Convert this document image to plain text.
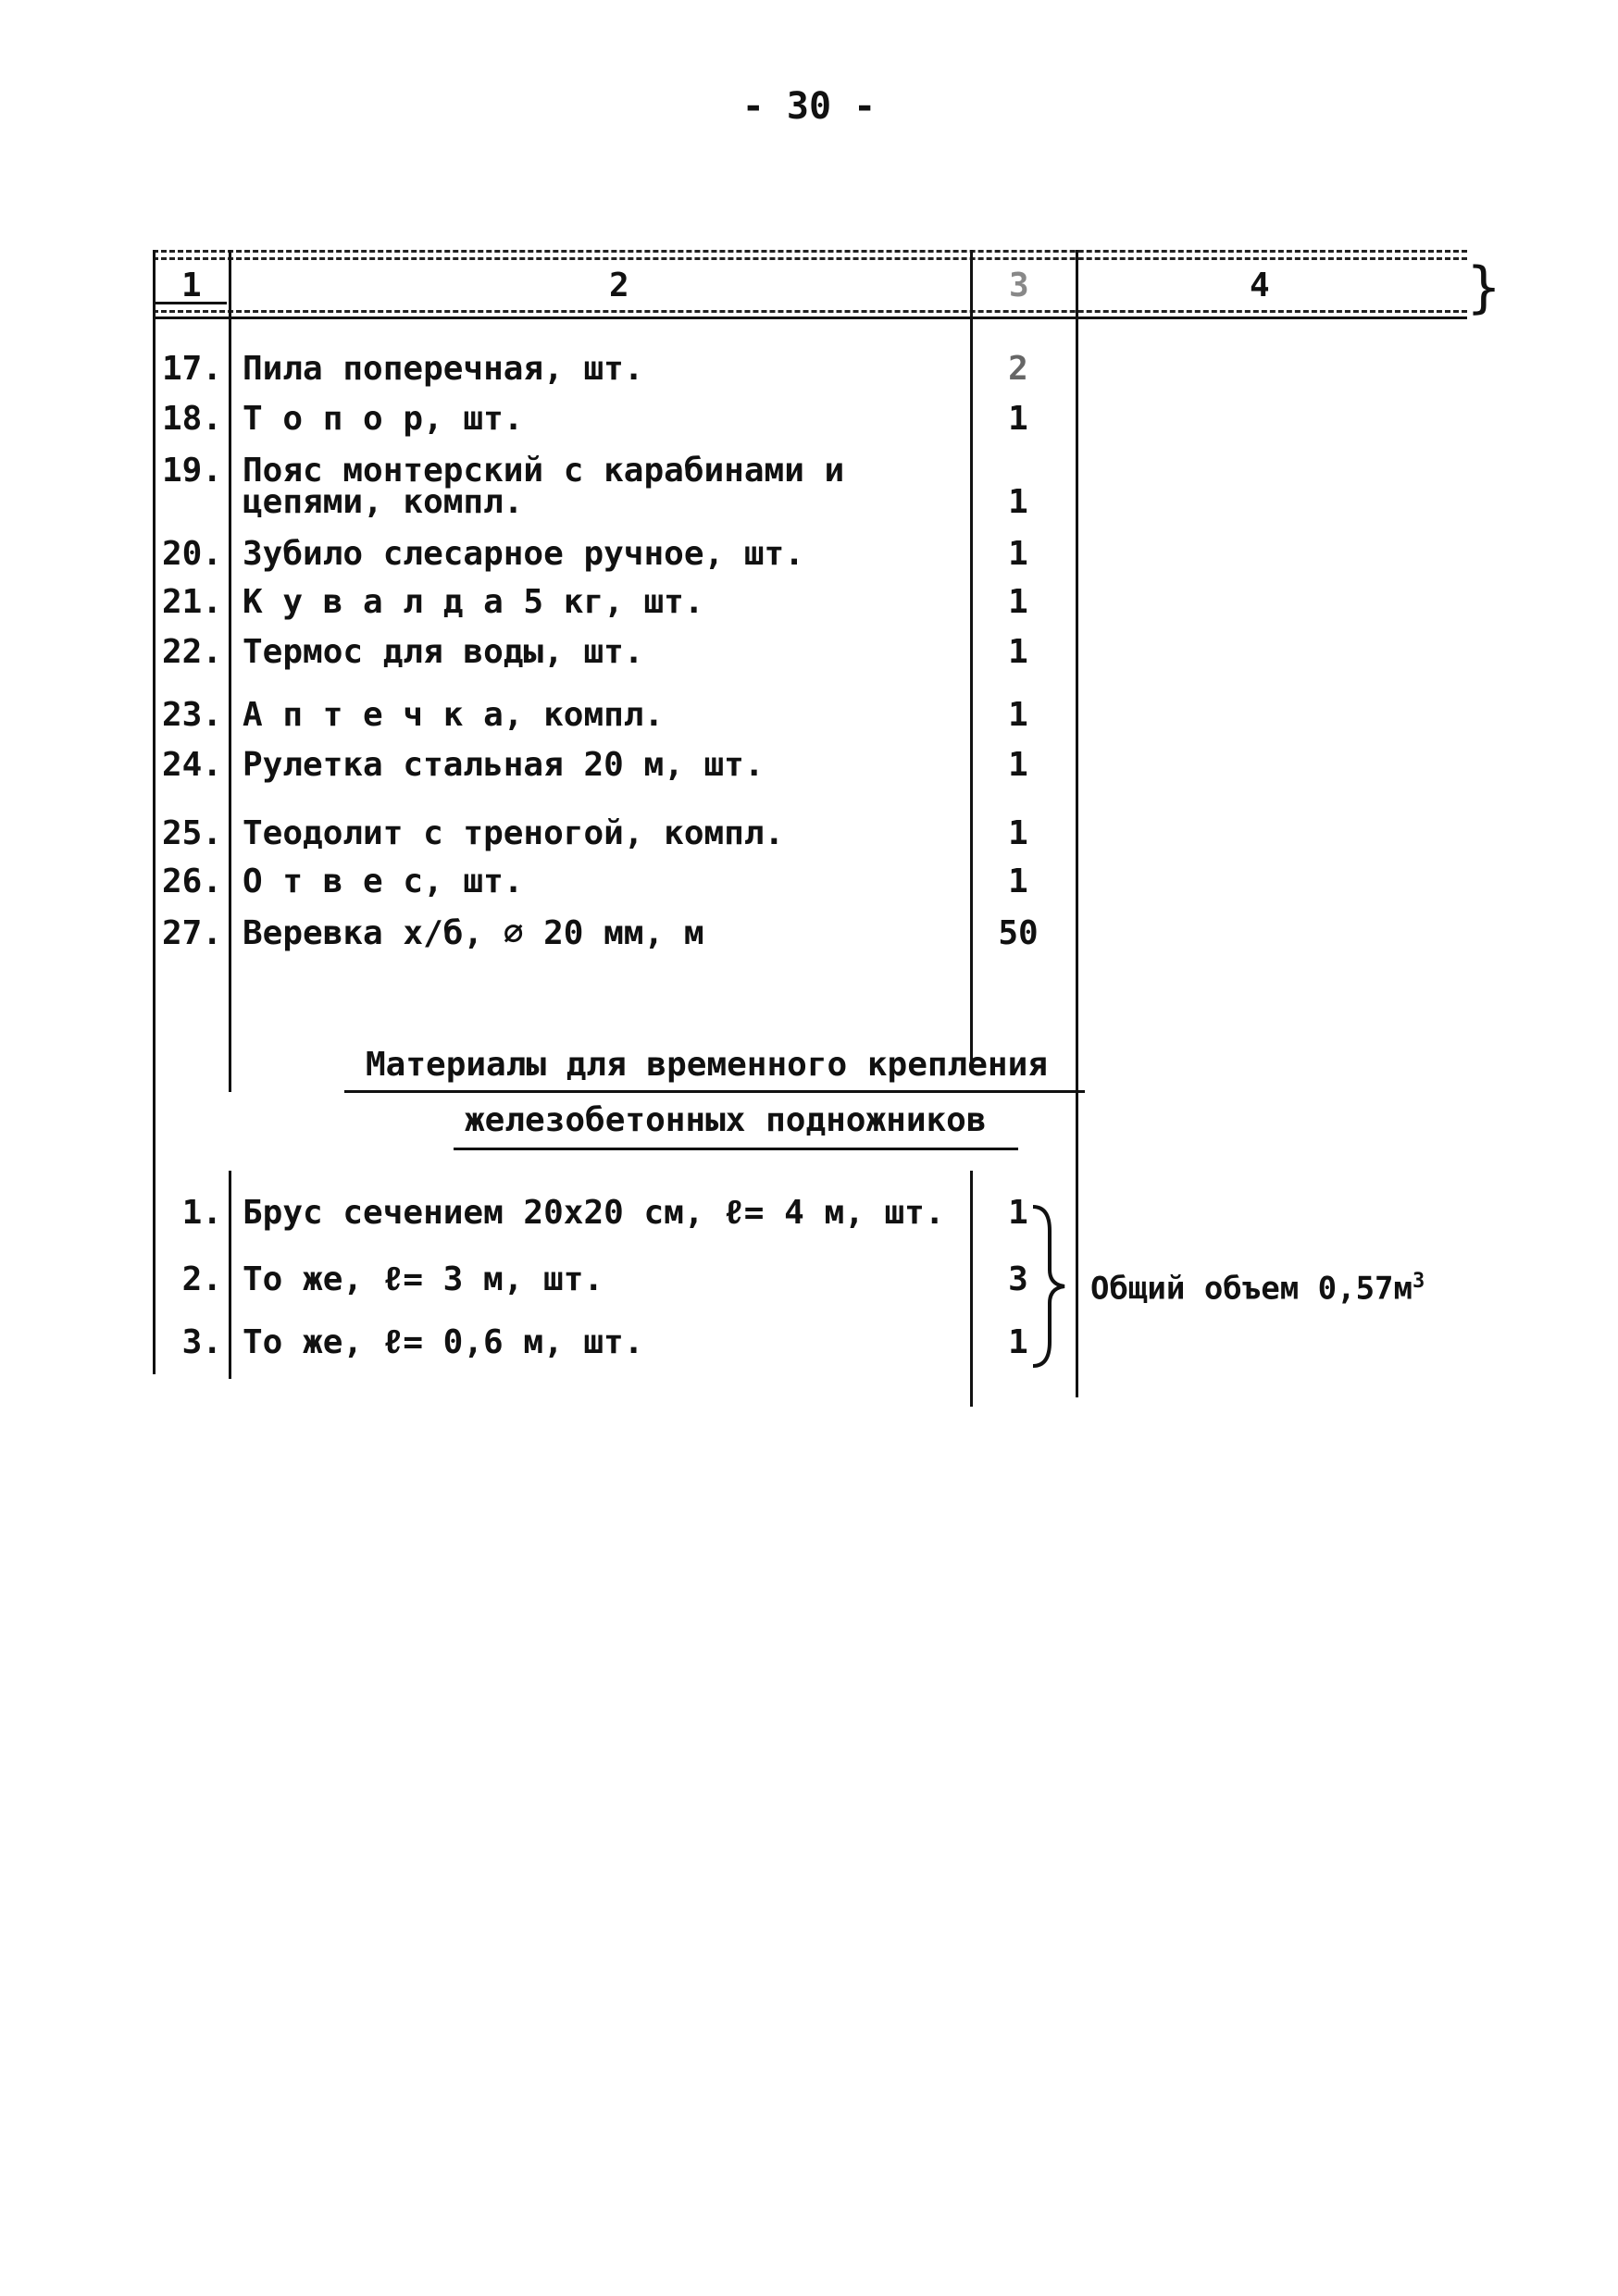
- 30 -
1	2	3	4	}
17. Пила поперечная, шт.	2
18. Т о п о р, шт.	1
19. Пояс монтерский с карабинами и
цепями, компл.	1
20. Зубило слесарное ручное, шт.	1
21. К у в а л д а 5 кг, шт.	1
22. Термос для воды, шт.	1
23. А п т е ч к а, компл.	1
24. Рулетка стальная 20 м, шт.	1
25. Теодолит с треногой, компл.	1
26. О т в е с, шт.	1
27. Веревка х/б, ∅ 20 мм, м	50
Материалы для временного крепления
железобетонных подножников
1. Брус сечением 20х20 см, ℓ= 4 м, шт.	1
2. То же, ℓ= 3 м, шт.	3
3. То же, ℓ= 0,6 м, шт.	1
Общий объем $0,57м^3$
